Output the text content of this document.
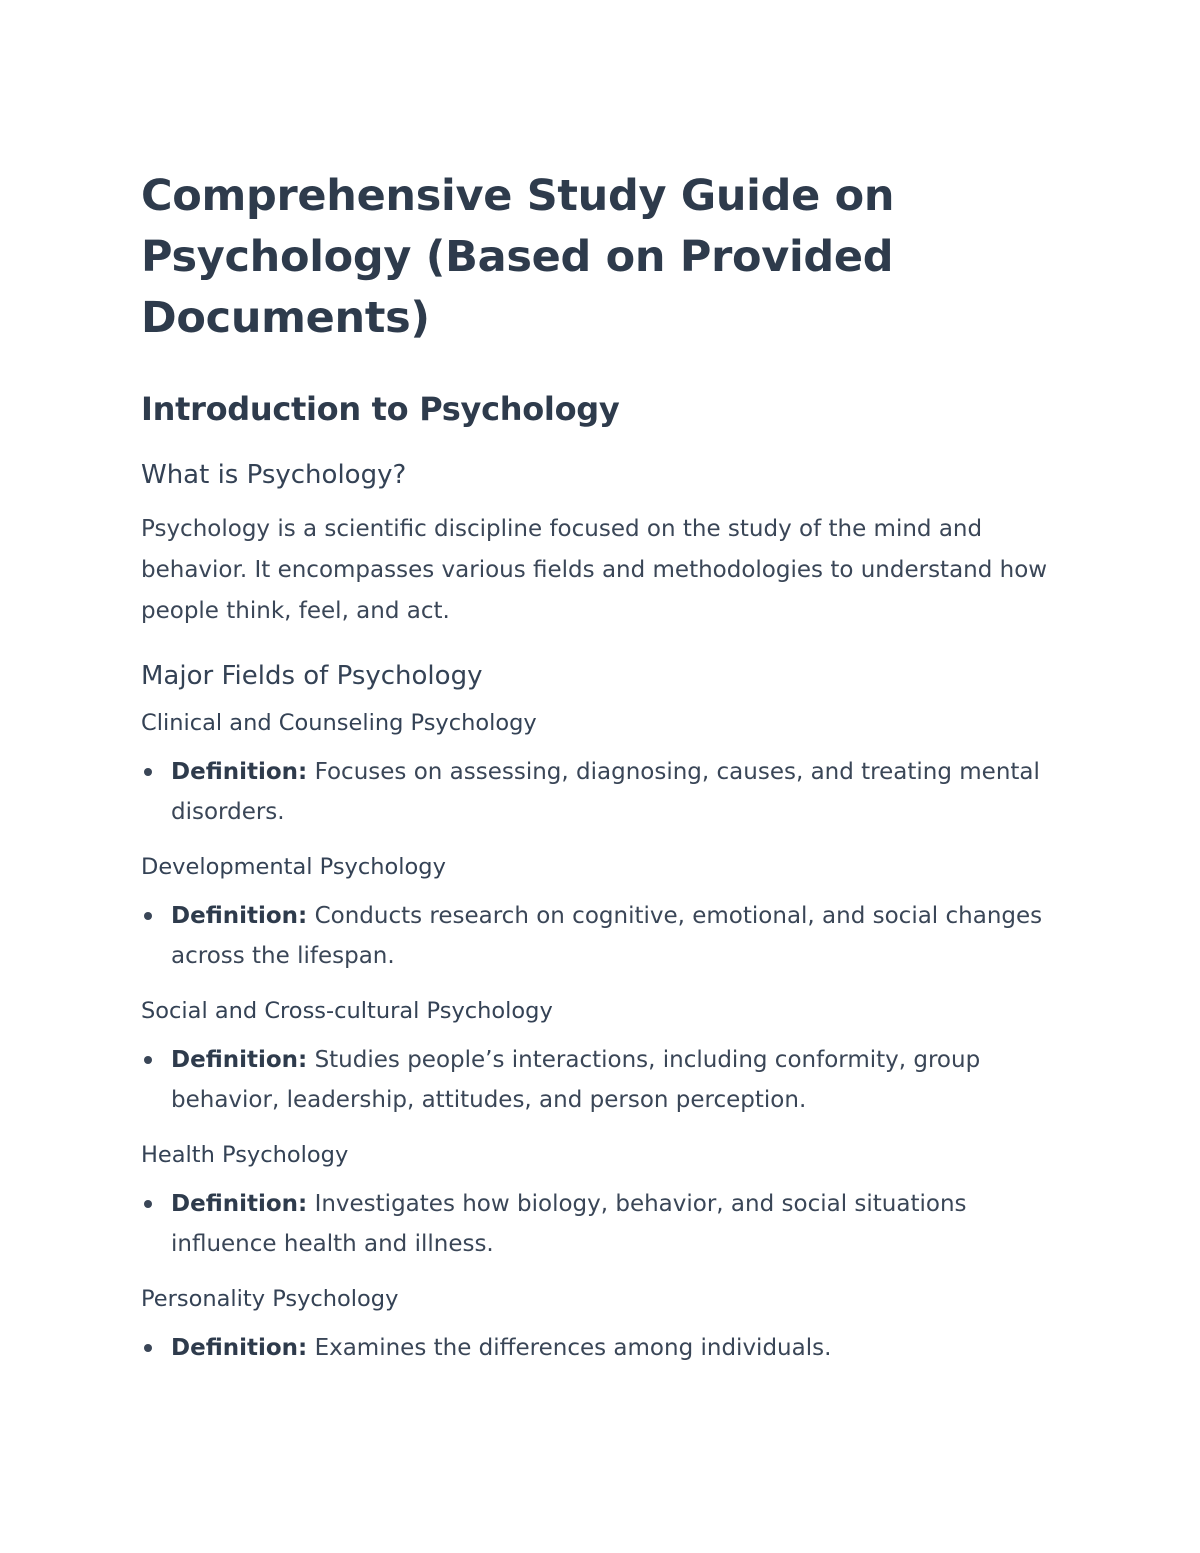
Comprehensive Study Guide on Psychology (Based on Provided Documents)
Introduction to Psychology
What is Psychology?

Psychology is a scientific discipline focused on the study of the mind and behavior. It encompasses various fields and methodologies to understand how people think, feel, and act.

Major Fields of Psychology
Clinical and Counseling Psychology
Definition: Focuses on assessing, diagnosing, causes, and treating mental disorders.
Developmental Psychology
Definition: Conducts research on cognitive, emotional, and social changes across the lifespan.
Social and Cross-cultural Psychology
Definition: Studies people’s interactions, including conformity, group behavior, leadership, attitudes, and person perception.
Health Psychology
Definition: Investigates how biology, behavior, and social situations influence health and illness.
Personality Psychology
Definition: Examines the differences among individuals.
